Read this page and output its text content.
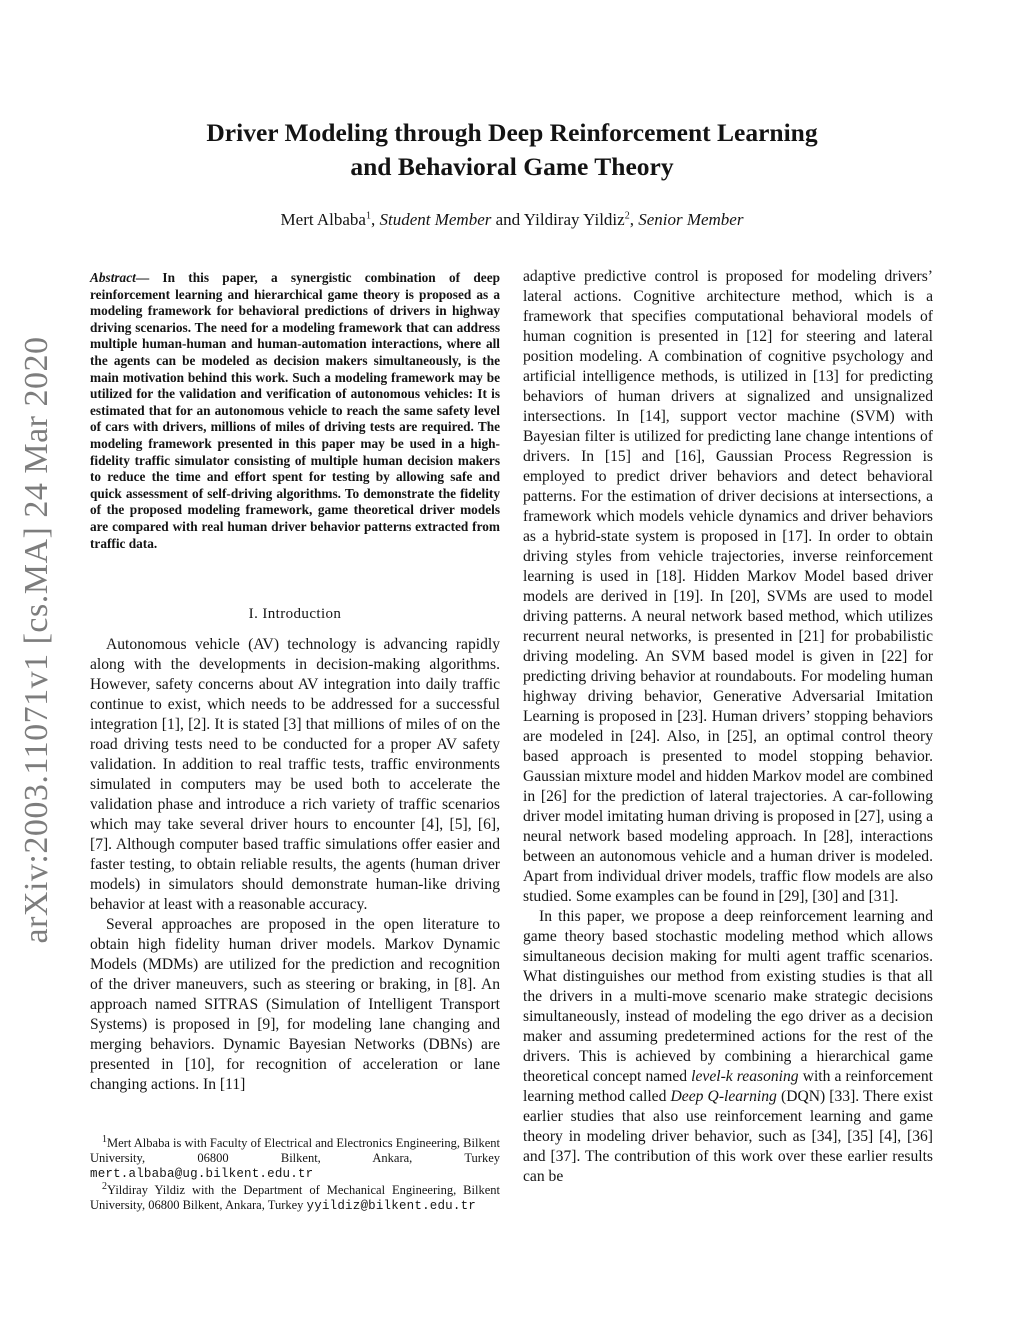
arXiv:2003.11071v1 [cs.MA] 24 Mar 2020
Driver Modeling through Deep Reinforcement Learning
and Behavioral Game Theory
Mert Albaba$^1$, Student Member and Yildiray Yildiz$^2$, Senior Member
Abstract— In this paper, a synergistic combination of deep reinforcement learning and hierarchical game theory is proposed as a modeling framework for behavioral predictions of drivers in highway driving scenarios. The need for a modeling framework that can address multiple human-human and human-automation interactions, where all the agents can be modeled as decision makers simultaneously, is the main motivation behind this work. Such a modeling framework may be utilized for the validation and verification of autonomous vehicles: It is estimated that for an autonomous vehicle to reach the same safety level of cars with drivers, millions of miles of driving tests are required. The modeling framework presented in this paper may be used in a high-fidelity traffic simulator consisting of multiple human decision makers to reduce the time and effort spent for testing by allowing safe and quick assessment of self-driving algorithms. To demonstrate the fidelity of the proposed modeling framework, game theoretical driver models are compared with real human driver behavior patterns extracted from traffic data.
I. Introduction

Autonomous vehicle (AV) technology is advancing rapidly along with the developments in decision-making algorithms. However, safety concerns about AV integration into daily traffic continue to exist, which needs to be addressed for a successful integration [1], [2]. It is stated [3] that millions of miles of on the road driving tests need to be conducted for a proper AV safety validation. In addition to real traffic tests, traffic environments simulated in computers may be used both to accelerate the validation phase and introduce a rich variety of traffic scenarios which may take several driver hours to encounter [4], [5], [6], [7]. Although computer based traffic simulations offer easier and faster testing, to obtain reliable results, the agents (human driver models) in simulators should demonstrate human-like driving behavior at least with a reasonable accuracy.

Several approaches are proposed in the open literature to obtain high fidelity human driver models. Markov Dynamic Models (MDMs) are utilized for the prediction and recognition of the driver maneuvers, such as steering or braking, in [8]. An approach named SITRAS (Simulation of Intelligent Transport Systems) is proposed in [9], for modeling lane changing and merging behaviors. Dynamic Bayesian Networks (DBNs) are presented in [10], for recognition of acceleration or lane changing actions. In [11]

$^1$Mert Albaba is with Faculty of Electrical and Electronics Engineering, Bilkent University, 06800 Bilkent, Ankara, Turkey mert.albaba@ug.bilkent.edu.tr

$^2$Yildiray Yildiz with the Department of Mechanical Engineering, Bilkent University, 06800 Bilkent, Ankara, Turkey yyildiz@bilkent.edu.tr

adaptive predictive control is proposed for modeling drivers’ lateral actions. Cognitive architecture method, which is a framework that specifies computational behavioral models of human cognition is presented in [12] for steering and lateral position modeling. A combination of cognitive psychology and artificial intelligence methods, is utilized in [13] for predicting behaviors of human drivers at signalized and unsignalized intersections. In [14], support vector machine (SVM) with Bayesian filter is utilized for predicting lane change intentions of drivers. In [15] and [16], Gaussian Process Regression is employed to predict driver behaviors and detect behavioral patterns. For the estimation of driver decisions at intersections, a framework which models vehicle dynamics and driver behaviors as a hybrid-state system is proposed in [17]. In order to obtain driving styles from vehicle trajectories, inverse reinforcement learning is used in [18]. Hidden Markov Model based driver models are derived in [19]. In [20], SVMs are used to model driving patterns. A neural network based method, which utilizes recurrent neural networks, is presented in [21] for probabilistic driving modeling. An SVM based model is given in [22] for predicting driving behavior at roundabouts. For modeling human highway driving behavior, Generative Adversarial Imitation Learning is proposed in [23]. Human drivers’ stopping behaviors are modeled in [24]. Also, in [25], an optimal control theory based approach is presented to model stopping behavior. Gaussian mixture model and hidden Markov model are combined in [26] for the prediction of lateral trajectories. A car-following driver model imitating human driving is proposed in [27], using a neural network based modeling approach. In [28], interactions between an autonomous vehicle and a human driver is modeled. Apart from individual driver models, traffic flow models are also studied. Some examples can be found in [29], [30] and [31].

In this paper, we propose a deep reinforcement learning and game theory based stochastic modeling method which allows simultaneous decision making for multi agent traffic scenarios. What distinguishes our method from existing studies is that all the drivers in a multi-move scenario make strategic decisions simultaneously, instead of modeling the ego driver as a decision maker and assuming predetermined actions for the rest of the drivers. This is achieved by combining a hierarchical game theoretical concept named level-k reasoning with a reinforcement learning method called Deep Q-learning (DQN) [33]. There exist earlier studies that also use reinforcement learning and game theory in modeling driver behavior, such as [34], [35] [4], [36] and [37]. The contribution of this work over these earlier results can be
